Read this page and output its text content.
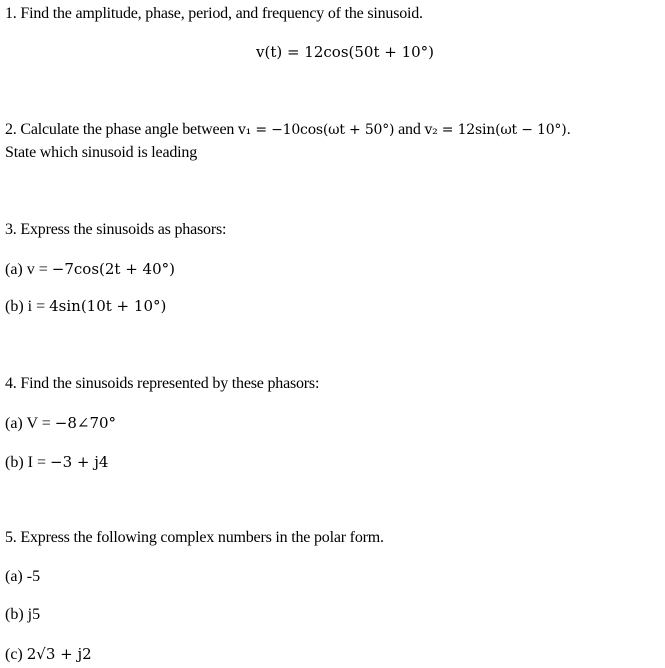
1. Find the amplitude, phase, period, and frequency of the sinusoid.
v(t) = 12cos(50t + 10°)
2. Calculate the phase angle between v₁ = −10cos(ωt + 50°) and v₂ = 12sin(ωt − 10°).
State which sinusoid is leading
3. Express the sinusoids as phasors:
(a) v = −7cos(2t + 40°)
(b) i = 4sin(10t + 10°)
4. Find the sinusoids represented by these phasors:
(a) V = −8∠70°
(b) I = −3 + j4
5. Express the following complex numbers in the polar form.
(a) -5
(b) j5
(c) 2√3 + j2
